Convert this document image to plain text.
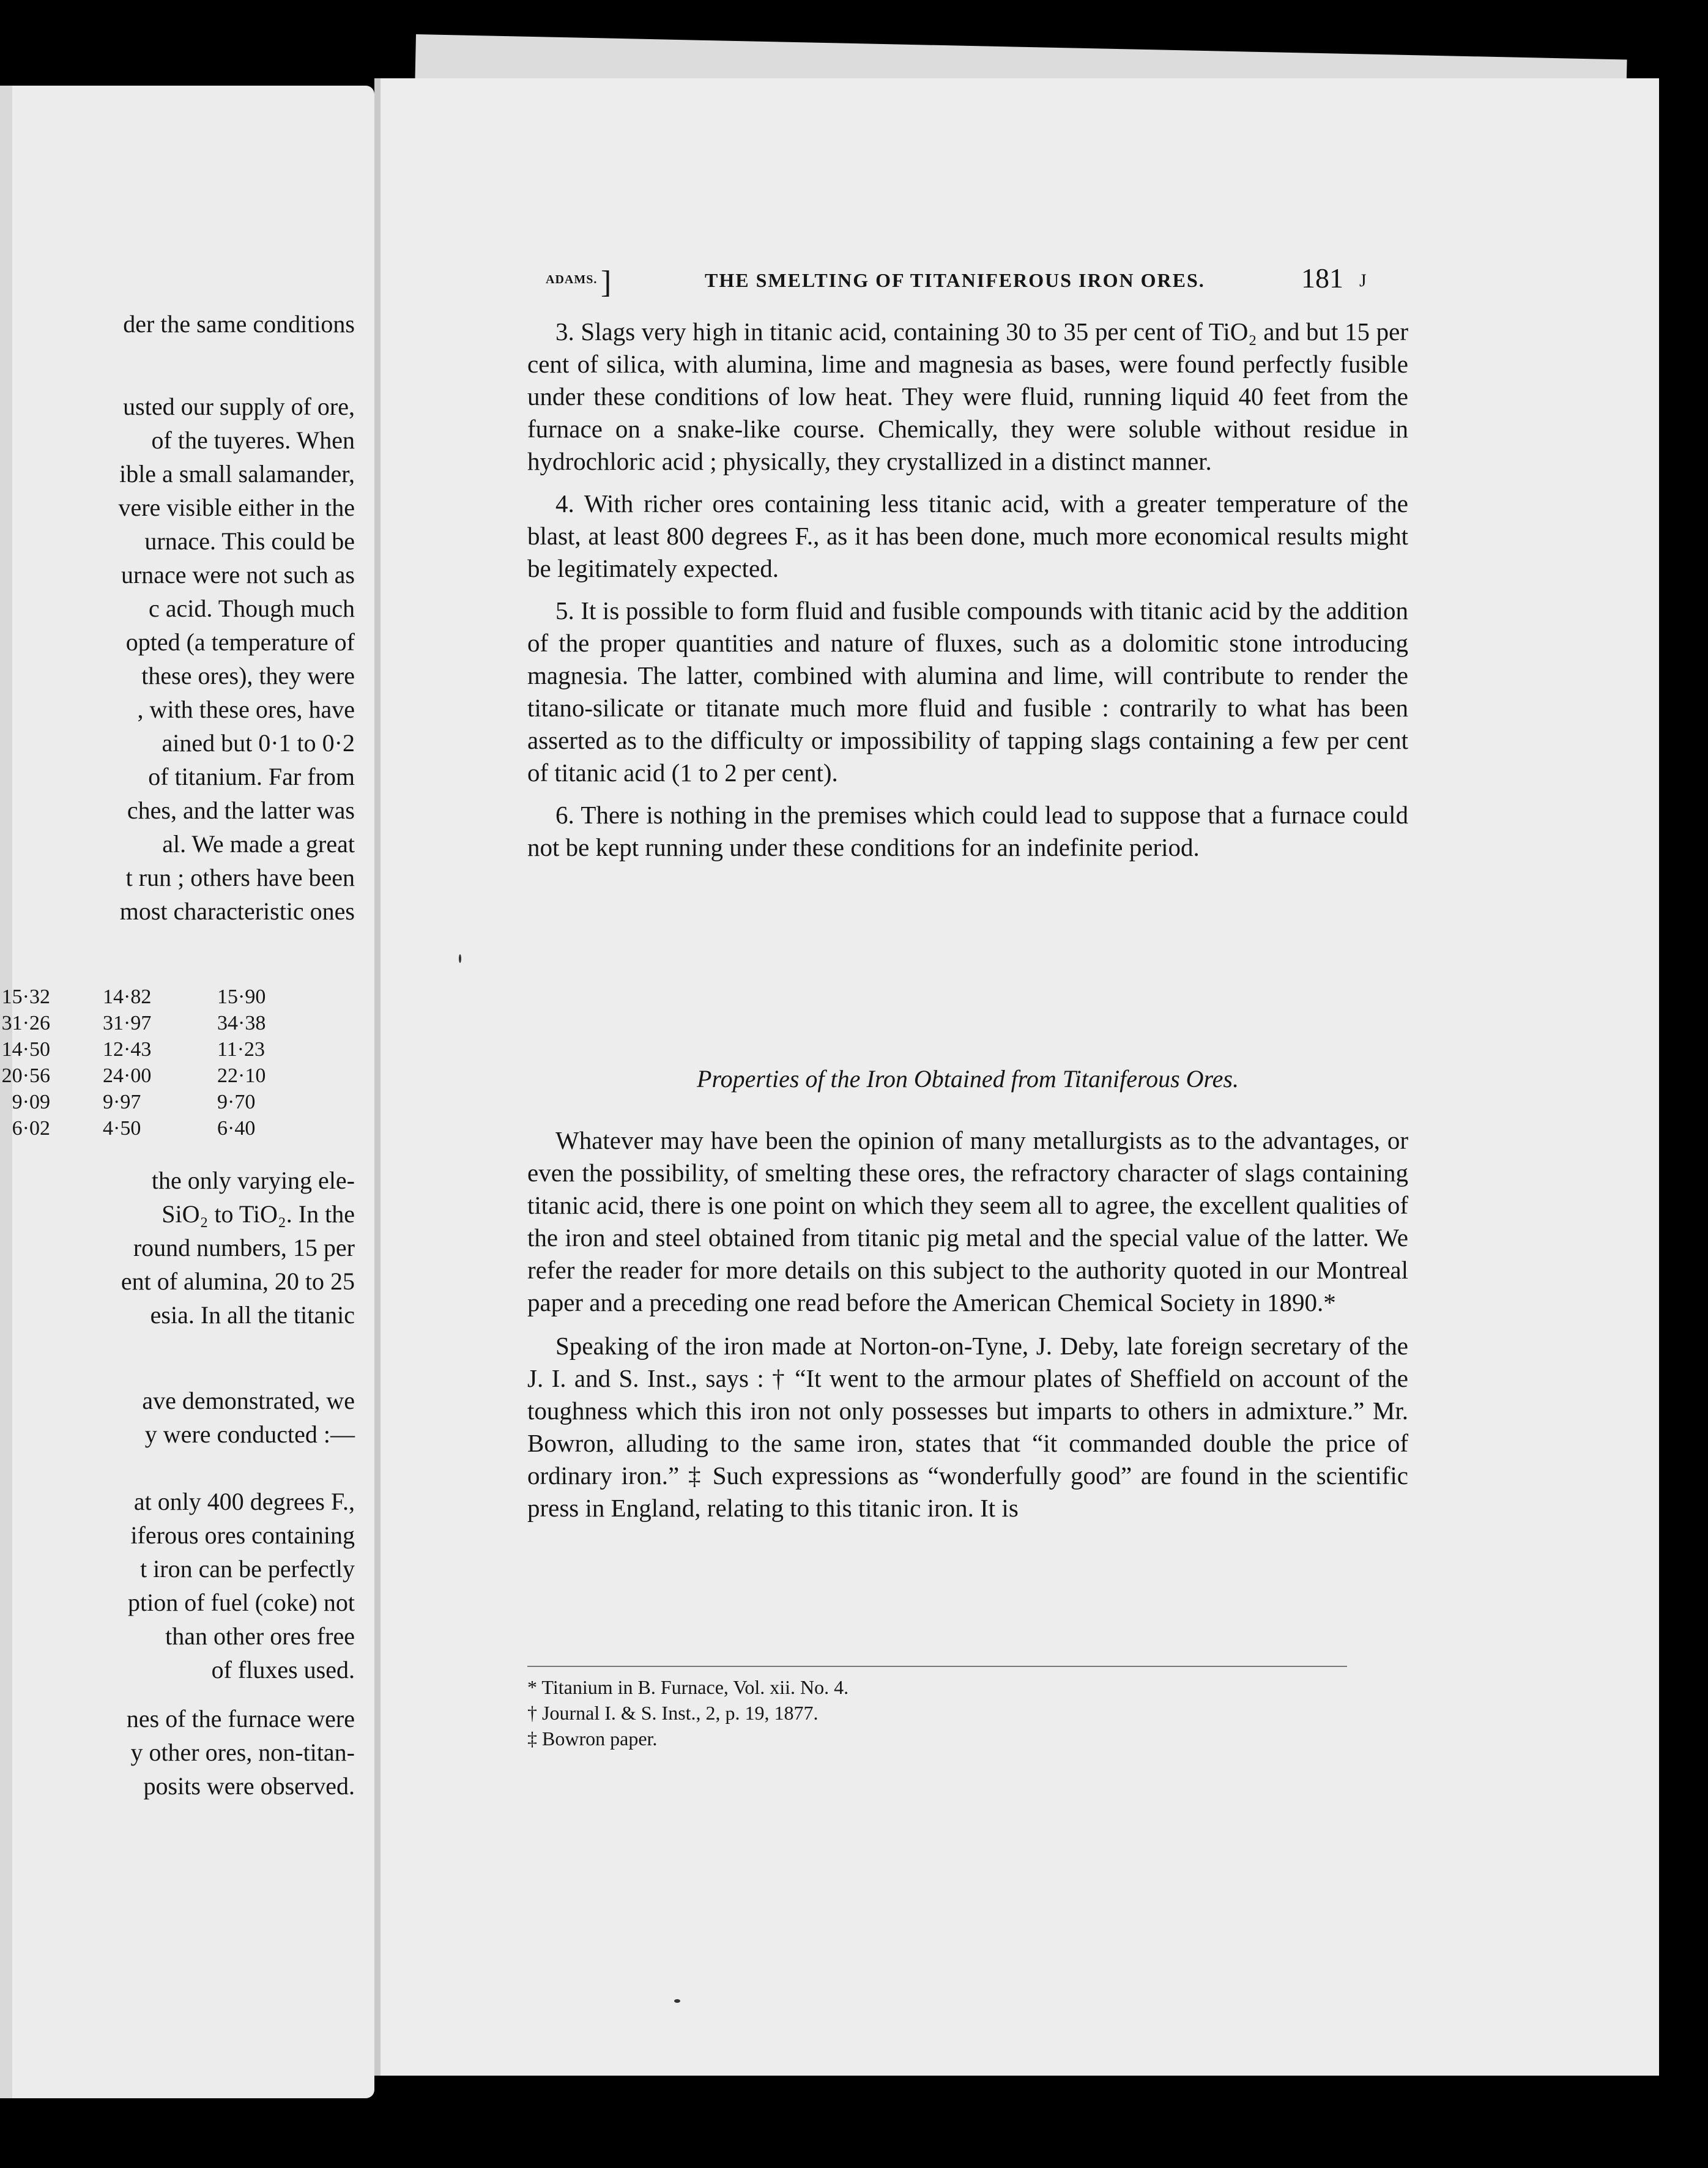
der the same conditions
usted our supply of ore,
of the tuyeres. When
ible a small salamander,
vere visible either in the
urnace. This could be
urnace were not such as
c acid. Though much
opted (a temperature of
these ores), they were
, with these ores, have
ained but 0·1 to 0·2
of titanium. Far from
ches, and the latter was
al. We made a great
t run ; others have been
most characteristic ones
15·32	14·82	15·90
31·26	31·97	34·38
14·50	12·43	11·23
20·56	24·00	22·10
9·09	9·97	9·70
6·02	4·50	6·40
the only varying ele-
SiO₂ to TiO₂. In the
round numbers, 15 per
ent of alumina, 20 to 25
esia. In all the titanic
ave demonstrated, we
y were conducted :—
at only 400 degrees F.,
iferous ores containing
t iron can be perfectly
ption of fuel (coke) not
than other ores free
of fluxes used.
nes of the furnace were
y other ores, non-titan-
posits were observed.
ADAMS. ]	THE SMELTING OF TITANIFEROUS IRON ORES.	181 J

3. Slags very high in titanic acid, containing 30 to 35 per cent of TiO₂ and but 15 per cent of silica, with alumina, lime and magnesia as bases, were found perfectly fusible under these conditions of low heat. They were fluid, running liquid 40 feet from the furnace on a snake-like course. Chemically, they were soluble without residue in hydrochloric acid ; physically, they crystallized in a distinct manner.

4. With richer ores containing less titanic acid, with a greater temperature of the blast, at least 800 degrees F., as it has been done, much more economical results might be legitimately expected.

5. It is possible to form fluid and fusible compounds with titanic acid by the addition of the proper quantities and nature of fluxes, such as a dolomitic stone introducing magnesia. The latter, combined with alumina and lime, will contribute to render the titano-silicate or titanate much more fluid and fusible : contrarily to what has been asserted as to the difficulty or impossibility of tapping slags containing a few per cent of titanic acid (1 to 2 per cent).

6. There is nothing in the premises which could lead to suppose that a furnace could not be kept running under these conditions for an indefinite period.

Properties of the Iron Obtained from Titaniferous Ores.

Whatever may have been the opinion of many metallurgists as to the advantages, or even the possibility, of smelting these ores, the refractory character of slags containing titanic acid, there is one point on which they seem all to agree, the excellent qualities of the iron and steel obtained from titanic pig metal and the special value of the latter. We refer the reader for more details on this subject to the authority quoted in our Montreal paper and a preceding one read before the American Chemical Society in 1890.*

Speaking of the iron made at Norton-on-Tyne, J. Deby, late foreign secretary of the J. I. and S. Inst., says : † “It went to the armour plates of Sheffield on account of the toughness which this iron not only possesses but imparts to others in admixture.” Mr. Bowron, alluding to the same iron, states that “it commanded double the price of ordinary iron.” ‡ Such expressions as “wonderfully good” are found in the scientific press in England, relating to this titanic iron. It is

* Titanium in B. Furnace, Vol. xii. No. 4.

† Journal I. & S. Inst., 2, p. 19, 1877.

‡ Bowron paper.
